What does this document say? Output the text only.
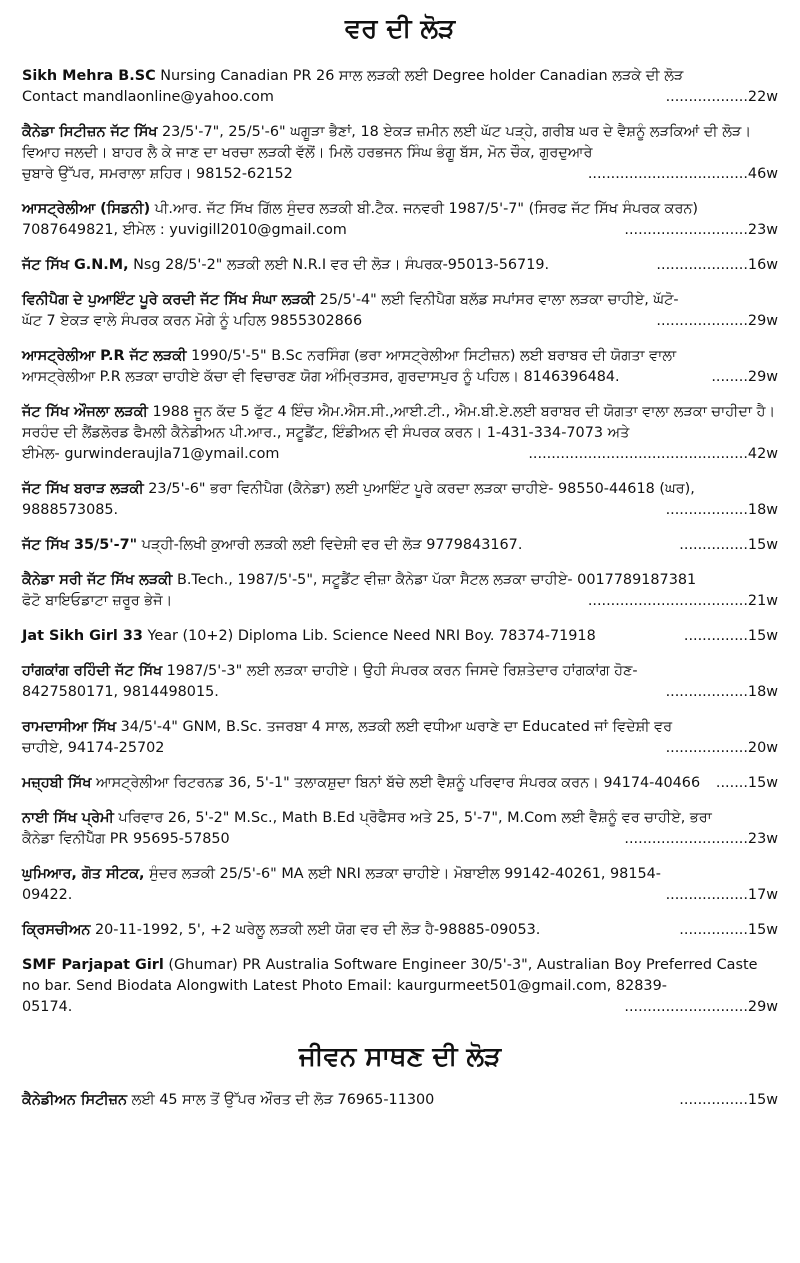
ਵਰ ਦੀ ਲੋੜ
Sikh Mehra B.SC Nursing Canadian PR 26 ਸਾਲ ਲੜਕੀ ਲਈ Degree holder Canadian ਲੜਕੇ ਦੀ ਲੋੜ
Contact mandlaonline@yahoo.com	..................22w
ਕੈਨੇਡਾ ਸਿਟੀਜ਼ਨ ਜੱਟ ਸਿੱਖ 23/5'-7", 25/5'-6" ਘਗੂੜਾ ਭੈਣਾਂ, 18 ਏਕੜ ਜ਼ਮੀਨ ਲਈ ਘੱਟ ਪੜ੍ਹੇ, ਗਰੀਬ ਘਰ ਦੇ ਵੈਸ਼ਨੂੰ ਲੜਕਿਆਂ ਦੀ ਲੋੜ। ਵਿਆਹ ਜਲਦੀ। ਬਾਹਰ ਲੈ ਕੇ ਜਾਣ ਦਾ ਖਰਚਾ ਲੜਕੀ ਵੱਲੋਂ। ਮਿਲੋ ਹਰਭਜਨ ਸਿੰਘ ਭੰਗੂ ਬੱਸ, ਮੋਨ ਚੌਕ, ਗੁਰਦੁਆਰੇ
ਚੁਬਾਰੇ ਉੱਪਰ, ਸਮਰਾਲਾ ਸ਼ਹਿਰ। 98152-62152	...................................46w
ਆਸਟ੍ਰੇਲੀਆ (ਸਿਡਨੀ) ਪੀ.ਆਰ. ਜੱਟ ਸਿੱਖ ਗਿੱਲ ਸੁੰਦਰ ਲੜਕੀ ਬੀ.ਟੈਕ. ਜਨਵਰੀ 1987/5'-7" (ਸਿਰਫ ਜੱਟ ਸਿੱਖ ਸੰਪਰਕ ਕਰਨ)
7087649821, ਈਮੇਲ : yuvigill2010@gmail.com	...........................23w
ਜੱਟ ਸਿੱਖ G.N.M, Nsg 28/5'-2" ਲੜਕੀ ਲਈ N.R.I ਵਰ ਦੀ ਲੋੜ। ਸੰਪਰਕ-95013-56719.	....................16w
ਵਿਨੀਪੈਗ ਦੇ ਪੁਆਇੰਟ ਪੂਰੇ ਕਰਦੀ ਜੱਟ ਸਿੱਖ ਸੰਘਾ ਲੜਕੀ 25/5'-4" ਲਈ ਵਿਨੀਪੈਗ ਬਲੱਡ ਸਪਾਂਸਰ ਵਾਲਾ ਲੜਕਾ ਚਾਹੀਏ, ਘੱਟੋ-
ਘੱਟ 7 ਏਕੜ ਵਾਲੇ ਸੰਪਰਕ ਕਰਨ ਮੋਗੇ ਨੂੰ ਪਹਿਲ 9855302866	....................29w
ਆਸਟ੍ਰੇਲੀਆ P.R ਜੱਟ ਲੜਕੀ 1990/5'-5" B.Sc ਨਰਸਿੰਗ (ਭਰਾ ਆਸਟ੍ਰੇਲੀਆ ਸਿਟੀਜ਼ਨ) ਲਈ ਬਰਾਬਰ ਦੀ ਯੋਗਤਾ ਵਾਲਾ
ਆਸਟ੍ਰੇਲੀਆ P.R ਲੜਕਾ ਚਾਹੀਏ ਕੱਚਾ ਵੀ ਵਿਚਾਰਣ ਯੋਗ ਅੰਮ੍ਰਿਤਸਰ, ਗੁਰਦਾਸਪੁਰ ਨੂੰ ਪਹਿਲ। 8146396484.	........29w
ਜੱਟ ਸਿੱਖ ਔਜਲਾ ਲੜਕੀ 1988 ਜੂਨ ਕੱਦ 5 ਫੁੱਟ 4 ਇੰਚ ਐਮ.ਐਸ.ਸੀ.,ਆਈ.ਟੀ., ਐਮ.ਬੀ.ਏ.ਲਈ ਬਰਾਬਰ ਦੀ ਯੋਗਤਾ ਵਾਲਾ ਲੜਕਾ ਚਾਹੀਦਾ ਹੈ। ਸਰਹੰਦ ਦੀ ਲੈਂਡਲੋਰਡ ਫੈਮਲੀ ਕੈਨੇਡੀਅਨ ਪੀ.ਆਰ., ਸਟੂਡੈਂਟ, ਇੰਡੀਅਨ ਵੀ ਸੰਪਰਕ ਕਰਨ। 1-431-334-7073 ਅਤੇ
ਈਮੇਲ- gurwinderaujla71@ymail.com	................................................42w
ਜੱਟ ਸਿੱਖ ਬਰਾੜ ਲੜਕੀ 23/5'-6" ਭਰਾ ਵਿਨੀਪੈਗ (ਕੈਨੇਡਾ) ਲਈ ਪੁਆਇੰਟ ਪੂਰੇ ਕਰਦਾ ਲੜਕਾ ਚਾਹੀਏ- 98550-44618 (ਘਰ),
9888573085.	..................18w
ਜੱਟ ਸਿੱਖ 35/5'-7" ਪੜ੍ਹੀ-ਲਿਖੀ ਕੁਆਰੀ ਲੜਕੀ ਲਈ ਵਿਦੇਸ਼ੀ ਵਰ ਦੀ ਲੋੜ 9779843167.	...............15w
ਕੈਨੇਡਾ ਸਰੀ ਜੱਟ ਸਿੱਖ ਲੜਕੀ B.Tech., 1987/5'-5", ਸਟੂਡੈਂਟ ਵੀਜ਼ਾ ਕੈਨੇਡਾ ਪੱਕਾ ਸੈਟਲ ਲੜਕਾ ਚਾਹੀਏ- 0017789187381
ਫੋਟੋ ਬਾਇਓਡਾਟਾ ਜ਼ਰੂਰ ਭੇਜੋ।	...................................21w
Jat Sikh Girl 33 Year (10+2) Diploma Lib. Science Need NRI Boy. 78374-71918	..............15w
ਹਾਂਗਕਾਂਗ ਰਹਿੰਦੀ ਜੱਟ ਸਿੱਖ 1987/5'-3" ਲਈ ਲੜਕਾ ਚਾਹੀਏ। ਉਹੀ ਸੰਪਰਕ ਕਰਨ ਜਿਸਦੇ ਰਿਸ਼ਤੇਦਾਰ ਹਾਂਗਕਾਂਗ ਹੋਣ-
8427580171, 9814498015.	..................18w
ਰਾਮਦਾਸੀਆ ਸਿੱਖ 34/5'-4" GNM, B.Sc. ਤਜਰਬਾ 4 ਸਾਲ, ਲੜਕੀ ਲਈ ਵਧੀਆ ਘਰਾਣੇ ਦਾ Educated ਜਾਂ ਵਿਦੇਸ਼ੀ ਵਰ
ਚਾਹੀਏ, 94174-25702	..................20w
ਮਜ਼੍ਹਬੀ ਸਿੱਖ ਆਸਟ੍ਰੇਲੀਆ ਰਿਟਰਨਡ 36, 5'-1" ਤਲਾਕਸ਼ੁਦਾ ਬਿਨਾਂ ਬੱਚੇ ਲਈ ਵੈਸ਼ਨੂੰ ਪਰਿਵਾਰ ਸੰਪਰਕ ਕਰਨ। 94174-40466	.......15w
ਨਾਈ ਸਿੱਖ ਪ੍ਰੇਮੀ ਪਰਿਵਾਰ 26, 5'-2" M.Sc., Math B.Ed ਪ੍ਰੋਫੈਸਰ ਅਤੇ 25, 5'-7", M.Com ਲਈ ਵੈਸ਼ਨੂੰ ਵਰ ਚਾਹੀਏ, ਭਰਾ
ਕੈਨੇਡਾ ਵਿਨੀਪੈੱਗ PR 95695-57850	...........................23w
ਘੁਮਿਆਰ, ਗੋਤ ਸੀਟਕ, ਸੁੰਦਰ ਲੜਕੀ 25/5'-6" MA ਲਈ NRI ਲੜਕਾ ਚਾਹੀਏ। ਮੋਬਾਈਲ 99142-40261, 98154-
09422.	..................17w
ਕ੍ਰਿਸਚੀਅਨ 20-11-1992, 5', +2 ਘਰੇਲੂ ਲੜਕੀ ਲਈ ਯੋਗ ਵਰ ਦੀ ਲੋੜ ਹੈ-98885-09053.	...............15w
SMF Parjapat Girl (Ghumar) PR Australia Software Engineer 30/5'-3", Australian Boy Preferred Caste no bar. Send Biodata Alongwith Latest Photo Email: kaurgurmeet501@gmail.com, 82839-
05174.	...........................29w
ਜੀਵਨ ਸਾਥਣ ਦੀ ਲੋੜ
ਕੈਨੇਡੀਅਨ ਸਿਟੀਜ਼ਨ ਲਈ 45 ਸਾਲ ਤੋਂ ਉੱਪਰ ਔਰਤ ਦੀ ਲੋੜ 76965-11300	...............15w
